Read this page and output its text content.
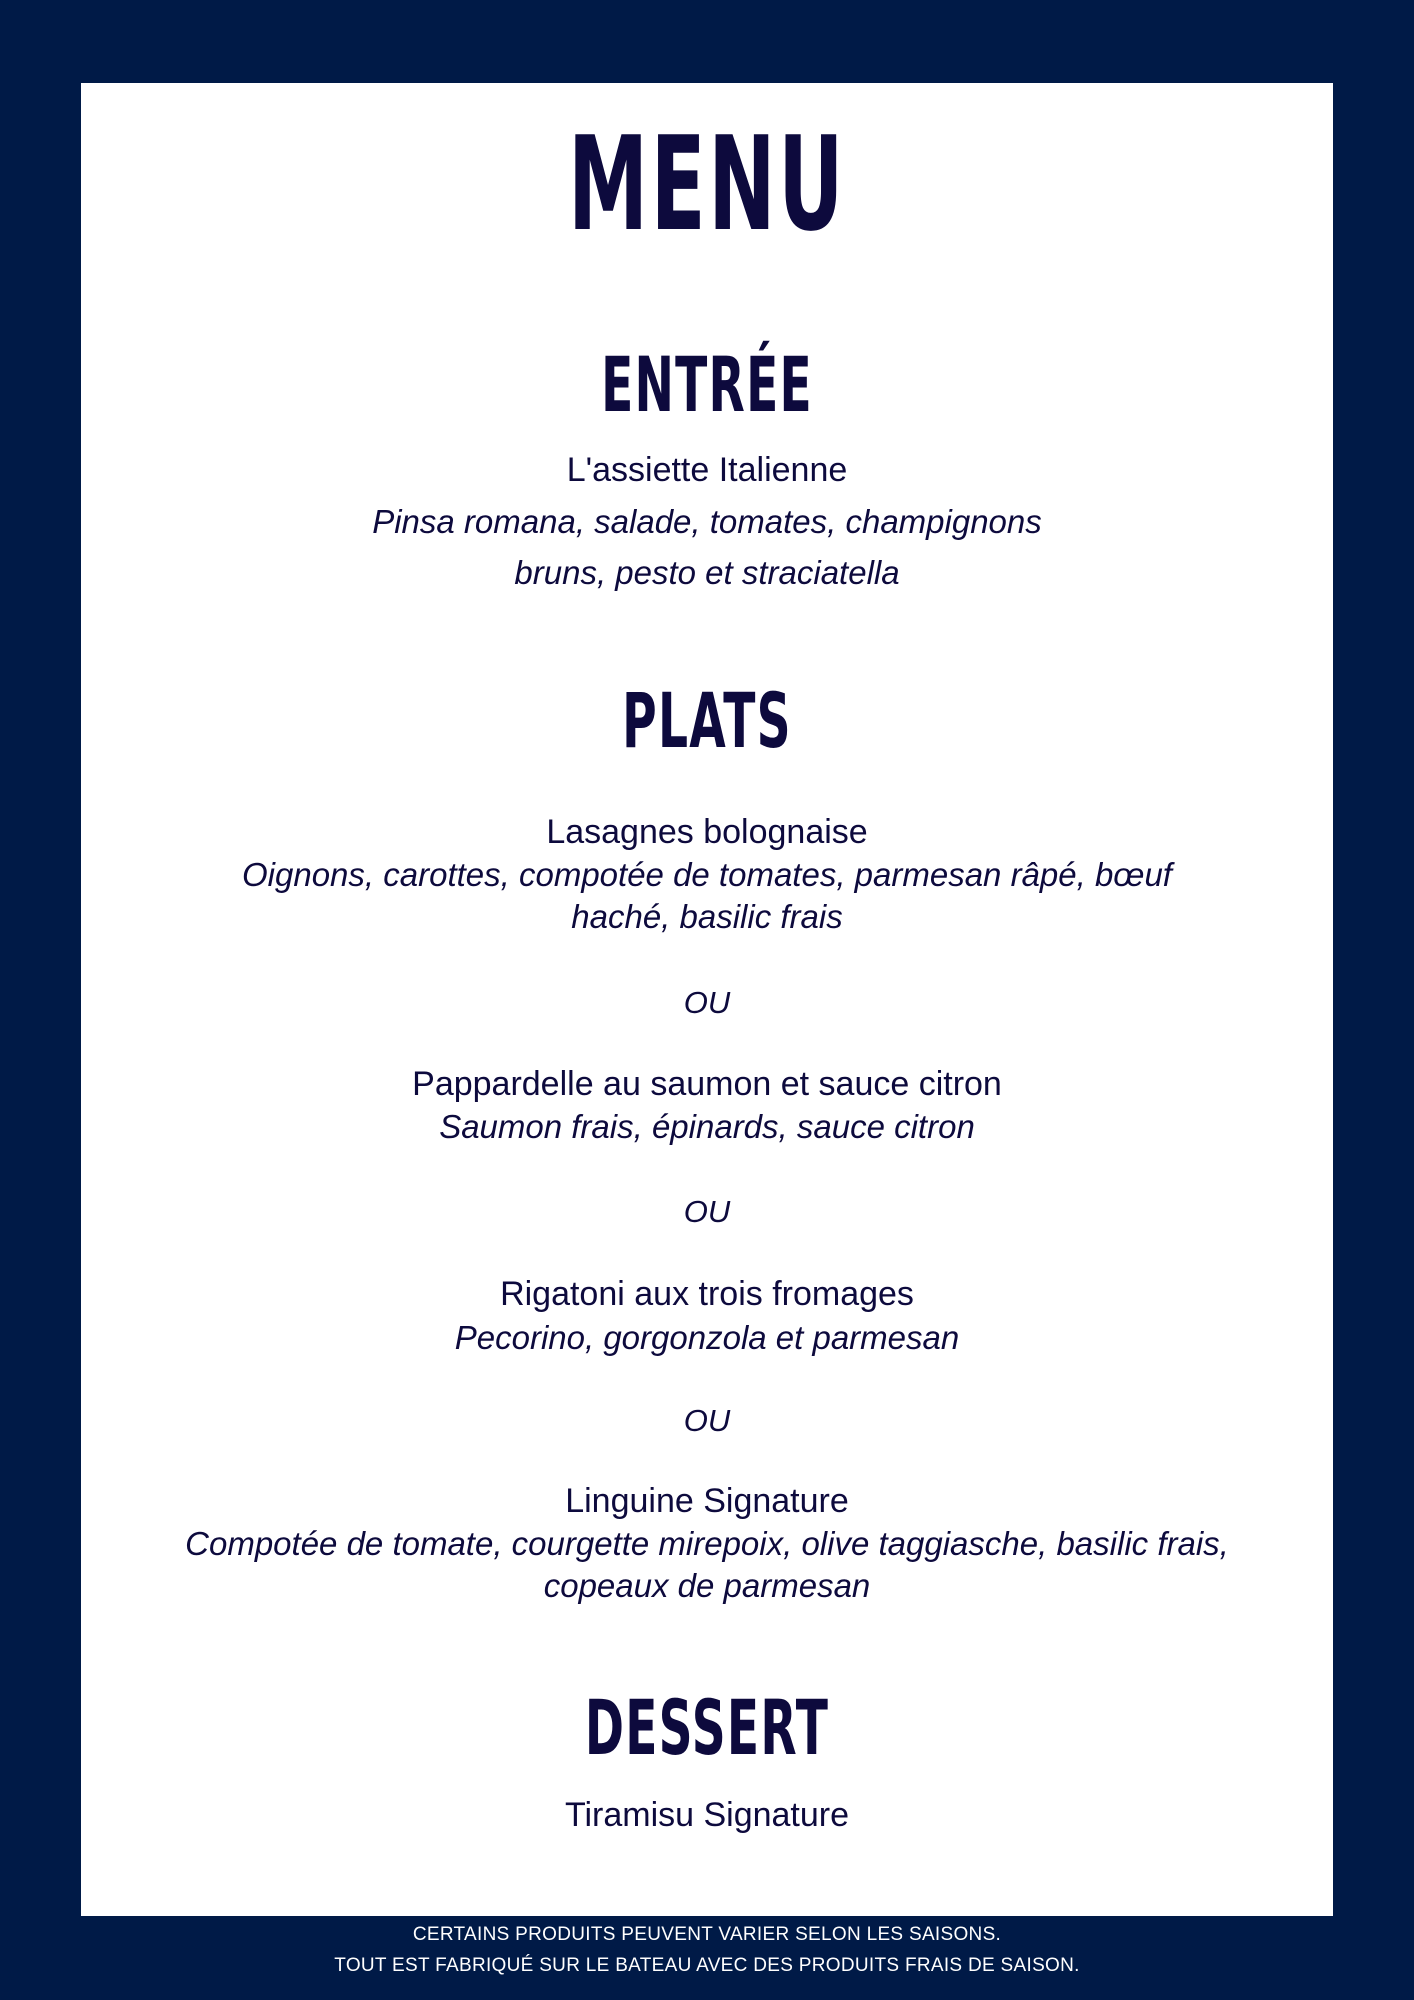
MENU
ENTRÉE
L'assiette Italienne
Pinsa romana, salade, tomates, champignons
bruns, pesto et straciatella
PLATS
Lasagnes bolognaise
Oignons, carottes, compotée de tomates, parmesan râpé, bœuf
haché, basilic frais
OU
Pappardelle au saumon et sauce citron
Saumon frais, épinards, sauce citron
OU
Rigatoni aux trois fromages
Pecorino, gorgonzola et parmesan
OU
Linguine Signature
Compotée de tomate, courgette mirepoix, olive taggiasche, basilic frais,
copeaux de parmesan
DESSERT
Tiramisu Signature
CERTAINS PRODUITS PEUVENT VARIER SELON LES SAISONS.
TOUT EST FABRIQUÉ SUR LE BATEAU AVEC DES PRODUITS FRAIS DE SAISON.
